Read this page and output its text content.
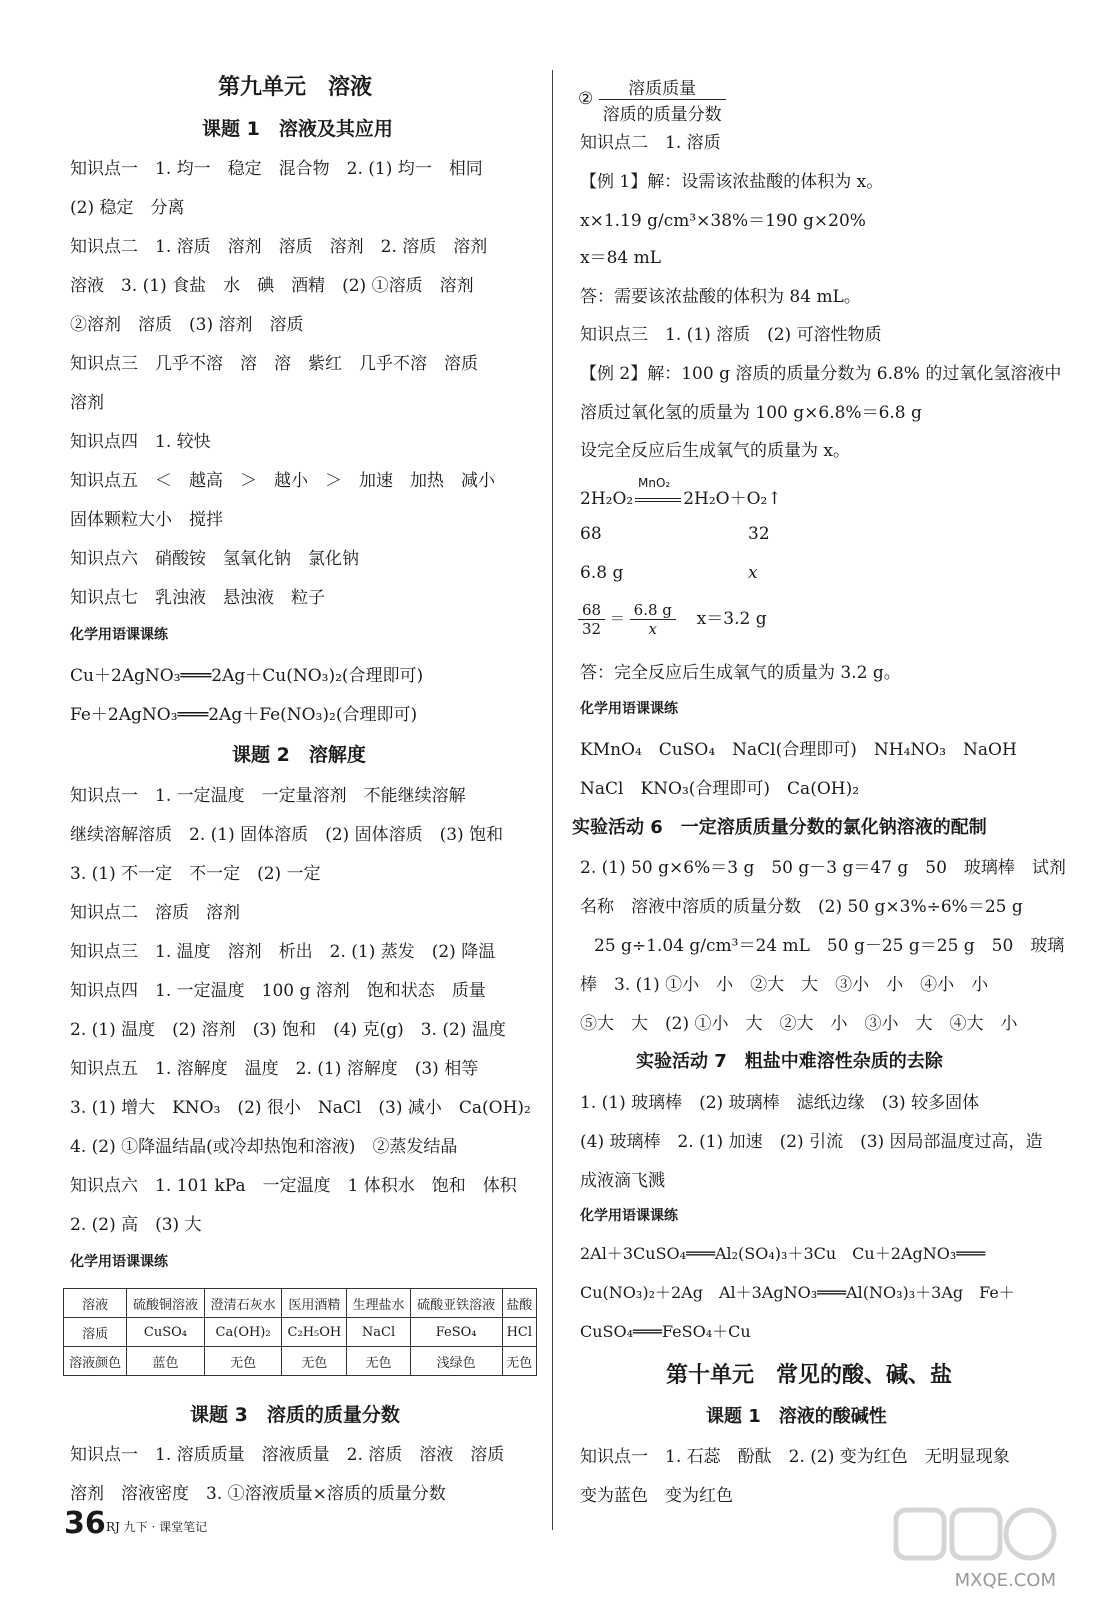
第九单元　溶液
课题 1　溶液及其应用
知识点一　1. 均一　稳定　混合物　2. (1) 均一　相同
(2) 稳定　分离
知识点二　1. 溶质　溶剂　溶质　溶剂　2. 溶质　溶剂
溶液　3. (1) 食盐　水　碘　酒精　(2) ①溶质　溶剂
②溶剂　溶质　(3) 溶剂　溶质
知识点三　几乎不溶　溶　溶　紫红　几乎不溶　溶质
溶剂
知识点四　1. 较快
知识点五　＜　越高　＞　越小　＞　加速　加热　减小
固体颗粒大小　搅拌
知识点六　硝酸铵　氢氧化钠　氯化钠
知识点七　乳浊液　悬浊液　粒子
化学用语课课练
Cu＋2AgNO₃═══2Ag＋Cu(NO₃)₂(合理即可)
Fe＋2AgNO₃═══2Ag＋Fe(NO₃)₂(合理即可)
课题 2　溶解度
知识点一　1. 一定温度　一定量溶剂　不能继续溶解
继续溶解溶质　2. (1) 固体溶质　(2) 固体溶质　(3) 饱和
3. (1) 不一定　不一定　(2) 一定
知识点二　溶质　溶剂
知识点三　1. 温度　溶剂　析出　2. (1) 蒸发　(2) 降温
知识点四　1. 一定温度　100 g 溶剂　饱和状态　质量
2. (1) 温度　(2) 溶剂　(3) 饱和　(4) 克(g)　3. (2) 温度
知识点五　1. 溶解度　温度　2. (1) 溶解度　(3) 相等
3. (1) 增大　KNO₃　(2) 很小　NaCl　(3) 减小　Ca(OH)₂
4. (2) ①降温结晶(或冷却热饱和溶液)　②蒸发结晶
知识点六　1. 101 kPa　一定温度　1 体积水　饱和　体积
2. (2) 高　(3) 大
化学用语课课练
溶液	硫酸铜溶液	澄清石灰水	医用酒精	生理盐水	硫酸亚铁溶液	盐酸
溶质	CuSO₄	Ca(OH)₂	C₂H₅OH	NaCl	FeSO₄	HCl
溶液颜色	蓝色	无色	无色	无色	浅绿色	无色
课题 3　溶质的质量分数
知识点一　1. 溶质质量　溶液质量　2. 溶质　溶液　溶质
溶剂　溶液密度　3. ①溶液质量×溶质的质量分数
36 RJ 九下 · 课堂笔记
② $\frac{\text{溶质质量}}{\text{溶质的质量分数}}$
知识点二　1. 溶质
【例 1】解：设需该浓盐酸的体积为 x。
x×1.19 g/cm³×38%＝190 g×20%
x＝84 mL
答：需要该浓盐酸的体积为 84 mL。
知识点三　1. (1) 溶质　(2) 可溶性物质
【例 2】解：100 g 溶质的质量分数为 6.8% 的过氧化氢溶液中
溶质过氧化氢的质量为 100 g×6.8%＝6.8 g
设完全反应后生成氧气的质量为 x。
2H₂O₂	2H₂O＋O₂↑
MnO₂
68	32
6.8 g	x
$\frac{68}{32} = \frac{6.8 g}{x} x=3.2$ g
答：完全反应后生成氧气的质量为 3.2 g。
化学用语课课练
KMnO₄　CuSO₄　NaCl(合理即可)　NH₄NO₃　NaOH
NaCl　KNO₃(合理即可)　Ca(OH)₂
实验活动 6　一定溶质质量分数的氯化钠溶液的配制
2. (1) 50 g×6%＝3 g　50 g－3 g＝47 g　50　玻璃棒　试剂
名称　溶液中溶质的质量分数　(2) 50 g×3%÷6%＝25 g
25 g÷1.04 g/cm³＝24 mL　50 g－25 g＝25 g　50　玻璃
棒　3. (1) ①小　小　②大　大　③小　小　④小　小
⑤大　大　(2) ①小　大　②大　小　③小　大　④大　小
实验活动 7　粗盐中难溶性杂质的去除
1. (1) 玻璃棒　(2) 玻璃棒　滤纸边缘　(3) 较多固体
(4) 玻璃棒　2. (1) 加速　(2) 引流　(3) 因局部温度过高，造
成液滴飞溅
化学用语课课练
2Al＋3CuSO₄═══Al₂(SO₄)₃＋3Cu　Cu＋2AgNO₃═══
Cu(NO₃)₂＋2Ag　Al＋3AgNO₃═══Al(NO₃)₃＋3Ag　Fe＋
CuSO₄═══FeSO₄＋Cu
第十单元　常见的酸、碱、盐
课题 1　溶液的酸碱性
知识点一　1. 石蕊　酚酞　2. (2) 变为红色　无明显现象
变为蓝色　变为红色
MXQE.COM
